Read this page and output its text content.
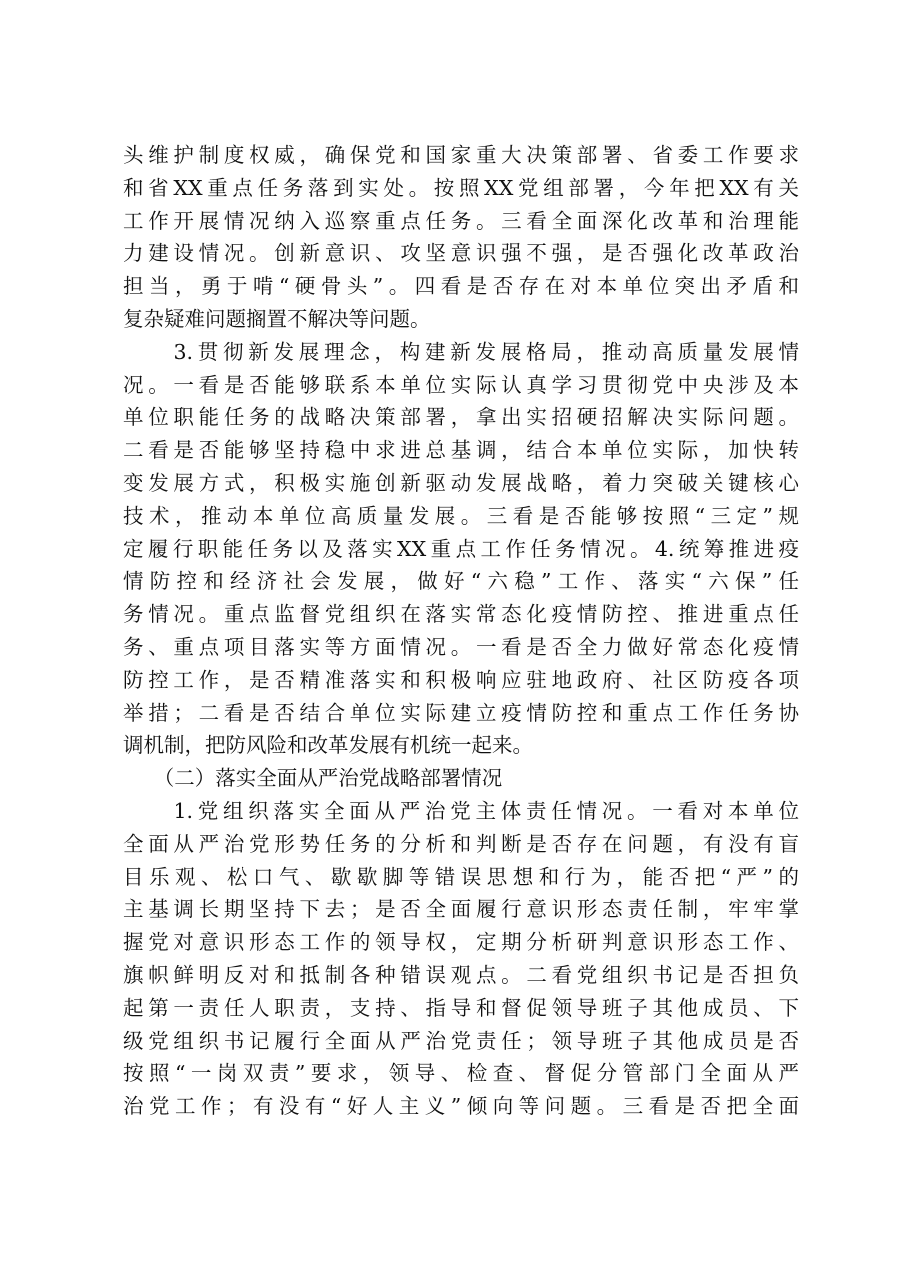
头维护制度权威，确保党和国家重大决策部署、省委工作要求
和省XX重点任务落到实处。按照XX党组部署，今年把XX有关
工作开展情况纳入巡察重点任务。三看全面深化改革和治理能
力建设情况。创新意识、攻坚意识强不强，是否强化改革政治
担当，勇于啃“硬骨头”。四看是否存在对本单位突出矛盾和
复杂疑难问题搁置不解决等问题。
　　3.贯彻新发展理念，构建新发展格局，推动高质量发展情
况。一看是否能够联系本单位实际认真学习贯彻党中央涉及本
单位职能任务的战略决策部署，拿出实招硬招解决实际问题。
二看是否能够坚持稳中求进总基调，结合本单位实际，加快转
变发展方式，积极实施创新驱动发展战略，着力突破关键核心
技术，推动本单位高质量发展。三看是否能够按照“三定”规
定履行职能任务以及落实XX重点工作任务情况。4.统筹推进疫
情防控和经济社会发展，做好“六稳”工作、落实“六保”任
务情况。重点监督党组织在落实常态化疫情防控、推进重点任
务、重点项目落实等方面情况。一看是否全力做好常态化疫情
防控工作，是否精准落实和积极响应驻地政府、社区防疫各项
举措；二看是否结合单位实际建立疫情防控和重点工作任务协
调机制，把防风险和改革发展有机统一起来。
　　（二）落实全面从严治党战略部署情况
　　1.党组织落实全面从严治党主体责任情况。一看对本单位
全面从严治党形势任务的分析和判断是否存在问题，有没有盲
目乐观、松口气、歇歇脚等错误思想和行为，能否把“严”的
主基调长期坚持下去；是否全面履行意识形态责任制，牢牢掌
握党对意识形态工作的领导权，定期分析研判意识形态工作、
旗帜鲜明反对和抵制各种错误观点。二看党组织书记是否担负
起第一责任人职责，支持、指导和督促领导班子其他成员、下
级党组织书记履行全面从严治党责任；领导班子其他成员是否
按照“一岗双责”要求，领导、检查、督促分管部门全面从严
治党工作；有没有“好人主义”倾向等问题。三看是否把全面
